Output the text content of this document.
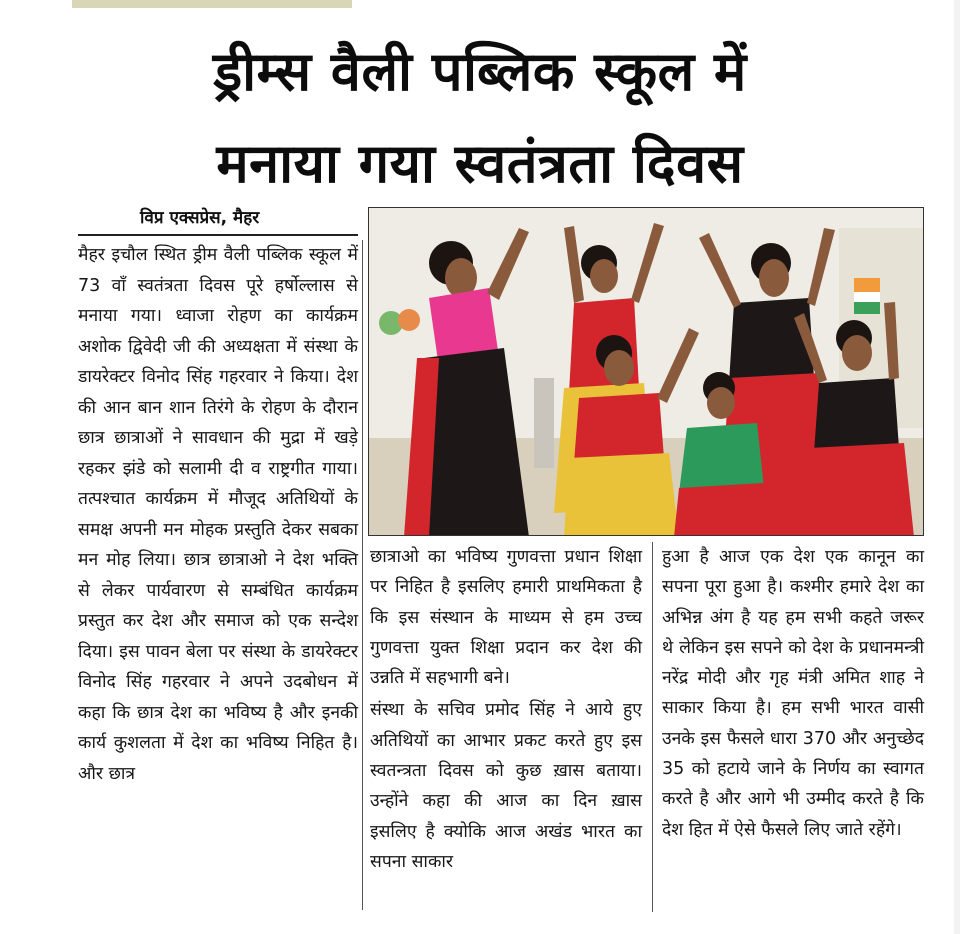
ड्रीम्स वैली पब्लिक स्कूल में
मनाया गया स्वतंत्रता दिवस
विप्र एक्सप्रेस, मैहर

मैहर इचौल स्थित ड्रीम वैली पब्लिक स्कूल में 73 वाँ स्वतंत्रता दिवस पूरे हर्षोल्लास से मनाया गया। ध्वाजा रोहण का कार्यक्रम अशोक द्विवेदी जी की अध्यक्षता में संस्था के डायरेक्टर विनोद सिंह गहरवार ने किया। देश की आन बान शान तिरंगे के रोहण के दौरान छात्र छात्राओं ने सावधान की मुद्रा में खड़े रहकर झंडे को सलामी दी व राष्ट्रगीत गाया। तत्पश्चात कार्यक्रम में मौजूद अतिथियों के समक्ष अपनी मन मोहक प्रस्तुति देकर सबका मन मोह लिया। छात्र छात्राओ ने देश भक्ति से लेकर पार्यवारण से सम्बंधित कार्यक्रम प्रस्तुत कर देश और समाज को एक सन्देश दिया। इस पावन बेला पर संस्था के डायरेक्टर विनोद सिंह गहरवार ने अपने उदबोधन में कहा कि छात्र देश का भविष्य है और इनकी कार्य कुशलता में देश का भविष्य निहित है।और छात्र

छात्राओ का भविष्य गुणवत्ता प्रधान शिक्षा पर निहित है इसलिए हमारी प्राथमिकता है कि इस संस्थान के माध्यम से हम उच्च गुणवत्ता युक्त शिक्षा प्रदान कर देश की उन्नति में सहभागी बने।

संस्था के सचिव प्रमोद सिंह ने आये हुए अतिथियों का आभार प्रकट करते हुए इस स्वतन्त्रता दिवस को कुछ ख़ास बताया। उन्होंने कहा की आज का दिन ख़ास इसलिए है क्योकि आज अखंड भारत का सपना साकार

हुआ है आज एक देश एक कानून का सपना पूरा हुआ है। कश्मीर हमारे देश का अभिन्न अंग है यह हम सभी कहते जरूर थे लेकिन इस सपने को देश के प्रधानमन्त्री नरेंद्र मोदी और गृह मंत्री अमित शाह ने साकार किया है। हम सभी भारत वासी उनके इस फैसले धारा 370 और अनुच्छेद 35 को हटाये जाने के निर्णय का स्वागत करते है और आगे भी उम्मीद करते है कि देश हित में ऐसे फैसले लिए जाते रहेंगे।
